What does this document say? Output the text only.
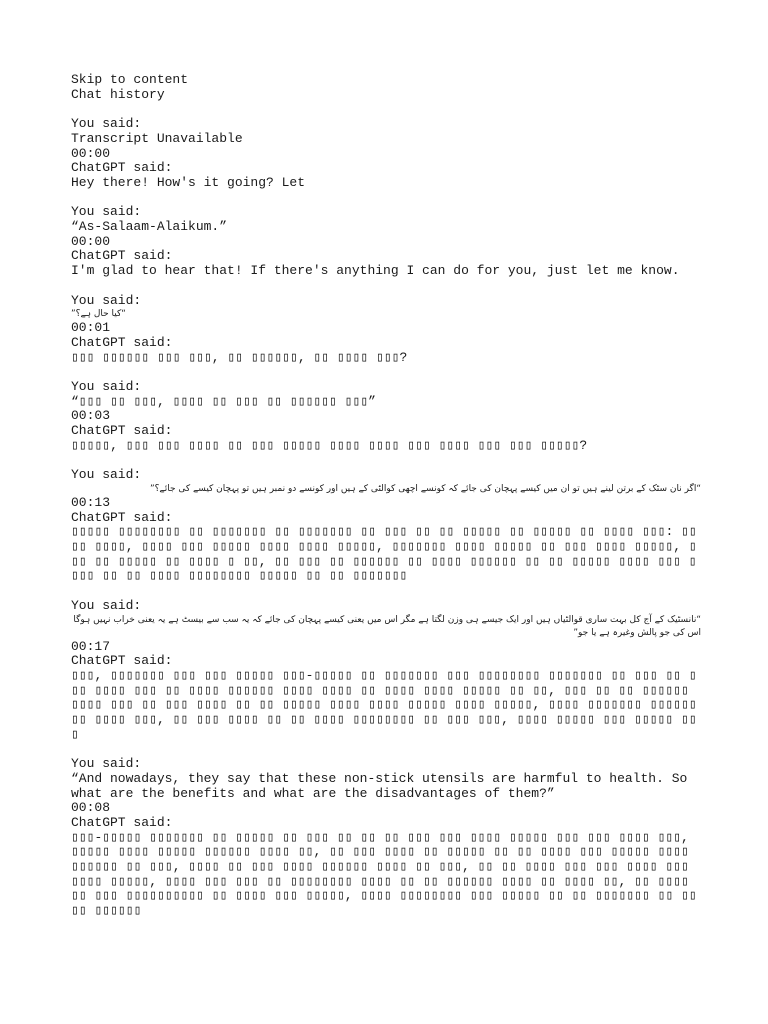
Skip to content
Chat history
You said:
Transcript Unavailable
00:00
ChatGPT said:
Hey there! How's it going? Let
You said:
“As-Salaam-Alaikum.”
00:00
ChatGPT said:
I'm glad to hear that! If there's anything I can do for you, just let me know.
You said:
“کیا حال ہے؟”
00:01
ChatGPT said:
▯▯▯ ▯▯▯▯▯▯ ▯▯▯ ▯▯▯, ▯▯ ▯▯▯▯▯▯, ▯▯ ▯▯▯▯ ▯▯▯?
You said:
“▯▯▯ ▯▯ ▯▯▯, ▯▯▯▯ ▯▯ ▯▯▯ ▯▯ ▯▯▯▯▯▯ ▯▯▯”
00:03
ChatGPT said:
▯▯▯▯▯, ▯▯▯ ▯▯▯ ▯▯▯▯ ▯▯ ▯▯▯ ▯▯▯▯▯ ▯▯▯▯ ▯▯▯▯ ▯▯▯ ▯▯▯▯ ▯▯▯ ▯▯▯ ▯▯▯▯▯?
You said:
“اگر نان سٹک کے برتن لینے ہیں تو ان میں کیسے پہچان کی جائے کہ کونسے اچھی کوالٹی کے ہیں اور کونسے دو نمبر ہیں تو پہچان کیسے کی جائے؟”
00:13
ChatGPT said:
▯▯▯▯▯ ▯▯▯▯▯▯▯▯ ▯▯ ▯▯▯▯▯▯▯ ▯▯ ▯▯▯▯▯▯▯ ▯▯ ▯▯▯ ▯▯ ▯▯ ▯▯▯▯▯ ▯▯ ▯▯▯▯▯ ▯▯ ▯▯▯▯ ▯▯▯: ▯▯▯▯ ▯▯▯▯, ▯▯▯▯ ▯▯▯ ▯▯▯▯▯ ▯▯▯▯ ▯▯▯▯ ▯▯▯▯▯, ▯▯▯▯▯▯▯ ▯▯▯▯ ▯▯▯▯▯ ▯▯ ▯▯▯ ▯▯▯▯ ▯▯▯▯▯, ▯▯▯ ▯▯ ▯▯▯▯▯ ▯▯ ▯▯▯▯ ▯ ▯▯, ▯▯ ▯▯▯ ▯▯ ▯▯▯▯▯▯ ▯▯ ▯▯▯▯ ▯▯▯▯▯▯ ▯▯ ▯▯ ▯▯▯▯▯ ▯▯▯▯ ▯▯▯ ▯▯▯▯ ▯▯ ▯▯ ▯▯▯▯ ▯▯▯▯▯▯▯▯ ▯▯▯▯▯ ▯▯ ▯▯ ▯▯▯▯▯▯▯
You said:
“نانسٹیک کے آج کل بہت ساری قوالٹیاں ہیں اور ایک جیسے ہی وزن لگتا ہے مگر اس میں یعنی کیسے پہچان کی جائے کہ یہ سب سے بیسٹ ہے یہ یعنی خراب نہیں ہوگا اس کی جو پالش وغیرہ ہے یا جو”
00:17
ChatGPT said:
▯▯▯, ▯▯▯▯▯▯▯ ▯▯▯ ▯▯▯ ▯▯▯▯▯ ▯▯▯-▯▯▯▯▯ ▯▯ ▯▯▯▯▯▯▯ ▯▯▯ ▯▯▯▯▯▯▯▯ ▯▯▯▯▯▯▯ ▯▯ ▯▯▯ ▯▯ ▯▯▯ ▯▯▯▯ ▯▯▯ ▯▯ ▯▯▯▯ ▯▯▯▯▯▯ ▯▯▯▯ ▯▯▯▯ ▯▯ ▯▯▯▯ ▯▯▯▯ ▯▯▯▯▯ ▯▯ ▯▯, ▯▯▯ ▯▯ ▯▯ ▯▯▯▯▯▯ ▯▯▯▯ ▯▯▯ ▯▯ ▯▯▯ ▯▯▯▯ ▯▯ ▯▯ ▯▯▯▯▯ ▯▯▯▯ ▯▯▯▯ ▯▯▯▯▯ ▯▯▯▯ ▯▯▯▯▯, ▯▯▯▯ ▯▯▯▯▯▯▯ ▯▯▯▯▯▯ ▯▯ ▯▯▯▯ ▯▯▯, ▯▯ ▯▯▯ ▯▯▯▯ ▯▯ ▯▯ ▯▯▯▯ ▯▯▯▯▯▯▯▯ ▯▯ ▯▯▯ ▯▯▯, ▯▯▯▯ ▯▯▯▯▯ ▯▯▯ ▯▯▯▯▯ ▯▯▯
You said:
“And nowadays, they say that these non-stick utensils are harmful to health. So what are the benefits and what are the disadvantages of them?”
00:08
ChatGPT said:
▯▯▯-▯▯▯▯▯ ▯▯▯▯▯▯▯ ▯▯ ▯▯▯▯▯ ▯▯ ▯▯▯ ▯▯ ▯▯ ▯▯ ▯▯▯ ▯▯▯ ▯▯▯▯ ▯▯▯▯▯ ▯▯▯ ▯▯▯ ▯▯▯▯ ▯▯▯, ▯▯▯▯▯ ▯▯▯▯ ▯▯▯▯▯ ▯▯▯▯▯▯ ▯▯▯▯ ▯▯, ▯▯ ▯▯▯ ▯▯▯▯ ▯▯ ▯▯▯▯▯ ▯▯ ▯▯ ▯▯▯▯ ▯▯▯ ▯▯▯▯▯ ▯▯▯▯ ▯▯▯▯▯▯ ▯▯ ▯▯▯, ▯▯▯▯ ▯▯ ▯▯▯ ▯▯▯▯ ▯▯▯▯▯▯ ▯▯▯▯ ▯▯ ▯▯▯, ▯▯ ▯▯ ▯▯▯▯ ▯▯▯ ▯▯▯ ▯▯▯▯ ▯▯▯ ▯▯▯▯ ▯▯▯▯▯, ▯▯▯▯ ▯▯▯ ▯▯▯ ▯▯ ▯▯▯▯▯▯▯▯ ▯▯▯▯ ▯▯ ▯▯ ▯▯▯▯▯▯ ▯▯▯▯ ▯▯ ▯▯▯▯ ▯▯, ▯▯ ▯▯▯▯ ▯▯ ▯▯▯ ▯▯▯▯▯▯▯▯▯▯ ▯▯ ▯▯▯▯ ▯▯▯ ▯▯▯▯▯, ▯▯▯▯ ▯▯▯▯▯▯▯▯ ▯▯▯ ▯▯▯▯▯ ▯▯ ▯▯ ▯▯▯▯▯▯▯ ▯▯ ▯▯▯▯ ▯▯▯▯▯▯
